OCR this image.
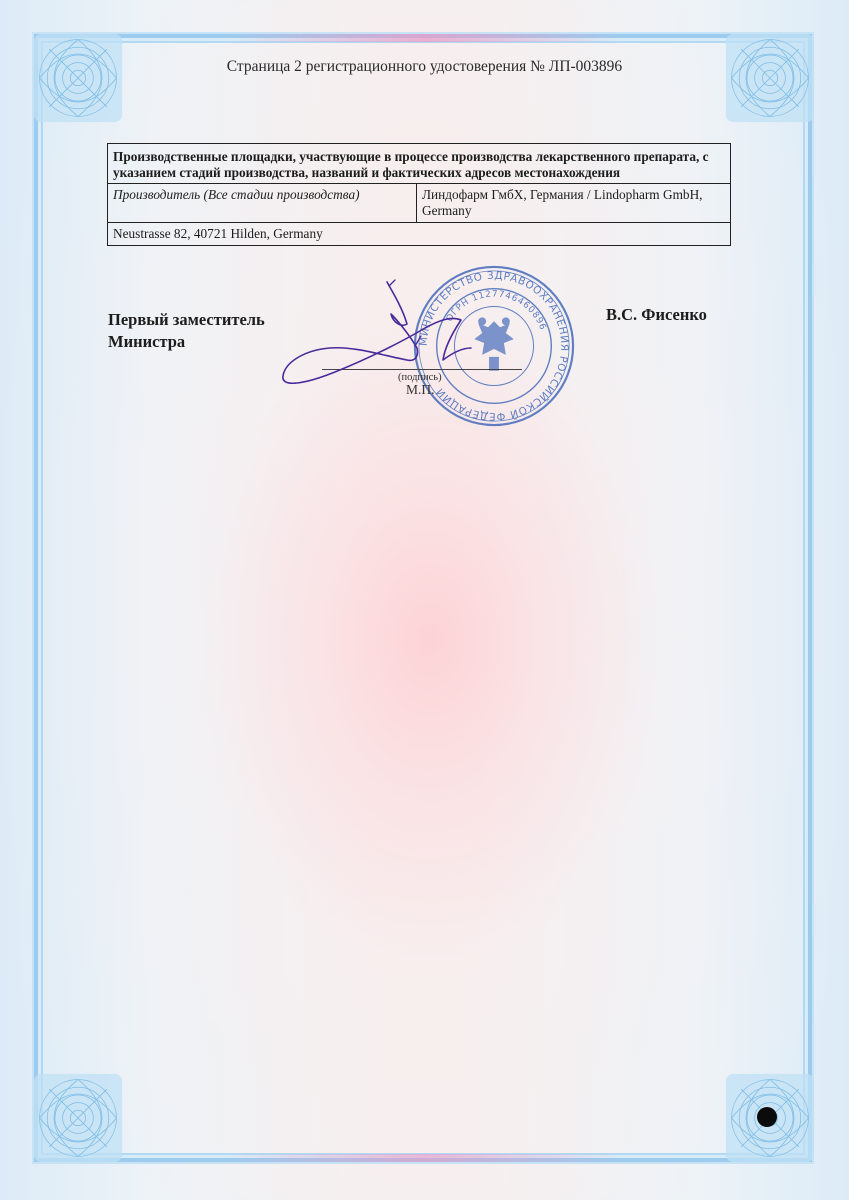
Страница 2 регистрационного удостоверения № ЛП-003896
Производственные площадки, участвующие в процессе производства лекарственного препарата, с указанием стадий производства, названий и фактических адресов местонахождения
Производитель (Все стадии производства)	Линдофарм ГмбХ, Германия / Lindopharm GmbH, Germany
Neustrasse 82, 40721 Hilden, Germany
Первый заместитель
Министра
В.С. Фисенко
МИНИСТЕРСТВО ЗДРАВООХРАНЕНИЯ РОССИЙСКОЙ ФЕДЕРАЦИИ
ОГРН 1127746460896
(подпись)
М.П.
